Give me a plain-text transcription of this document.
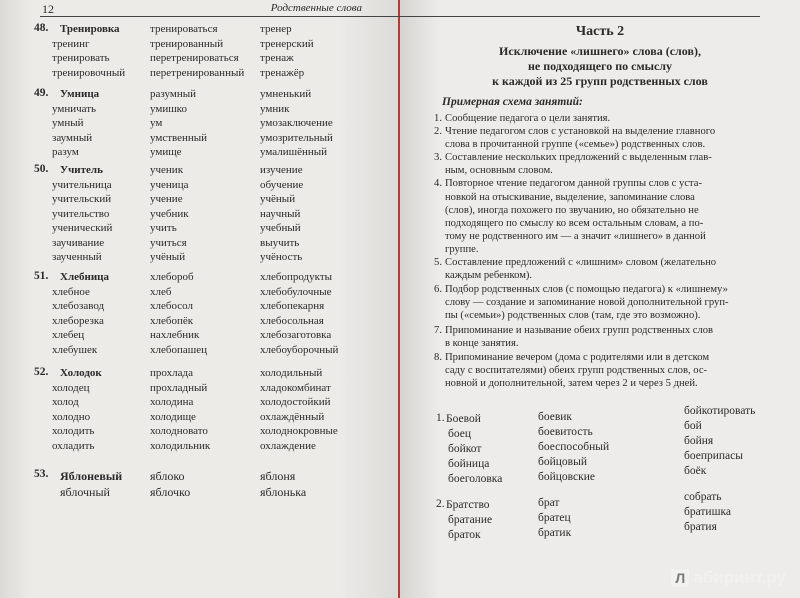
12	Родственные слова
48. Тренировка
тренинг
тренировать
тренировочный
тренироваться
тренированный
перетренироваться
перетренированный
тренер
тренерский
тренаж
тренажёр
49. Умница
умничать
умный
заумный
разум
разумный
умишко
ум
умственный
умище
умненький
умник
умозаключение
умозрительный
умалишённый
50. Учитель
учительница
учительский
учительство
ученический
заучивание
заученный
ученик
ученица
учение
учебник
учить
учиться
учёный
изучение
обучение
учёный
научный
учебный
выучить
учёность
51. Хлебница
хлебное
хлебозавод
хлеборезка
хлебец
хлебушек
хлебороб
хлеб
хлебосол
хлебопёк
нахлебник
хлебопашец
хлебопродукты
хлебобулочные
хлебопекарня
хлебосольная
хлебозаготовка
хлебоуборочный
52. Холодок
холодец
холод
холодно
холодить
охладить
прохлада
прохладный
холодина
холодище
холодновато
холодильник
холодильный
хладокомбинат
холодостойкий
охлаждённый
холоднокровные
охлаждение
53. Яблоневый
яблочный
яблоко
яблочко
яблоня
яблонька
Часть 2
Исключение «лишнего» слова (слов),
не подходящего по смыслу
к каждой из 25 групп родственных слов
Примерная схема занятий:
1. Сообщение педагога о цели занятия.
2. Чтение педагогом слов с установкой на выделение главного
слова в прочитанной группе («семье») родственных слов.
3. Составление нескольких предложений с выделенным глав-
ным, основным словом.
4. Повторное чтение педагогом данной группы слов с уста-
новкой на отыскивание, выделение, запоминание слова
(слов), иногда похожего по звучанию, но обязательно не
подходящего по смыслу ко всем остальным словам, а по-
тому не родственного им — а значит «лишнего» в данной
группе.
5. Составление предложений с «лишним» словом (желательно
каждым ребенком).
6. Подбор родственных слов (с помощью педагога) к «лишнему»
слову — создание и запоминание новой дополнительной груп-
пы («семьи») родственных слов (там, где это возможно).
7. Припоминание и называние обеих групп родственных слов
в конце занятия.
8. Припоминание вечером (дома с родителями или в детском
саду с воспитателями) обеих групп родственных слов, ос-
новной и дополнительной, затем через 2 и через 5 дней.
1. Боевой
боец
бойкот
бойница
боеголовка
боевик
боевитость
боеспособный
бойцовый
бойцовские
бойкотировать
бой
бойня
боеприпасы
боёк
2. Братство
братание
браток
брат
братец
братик
собрать
братишка
братия
Л абиринт.ру
